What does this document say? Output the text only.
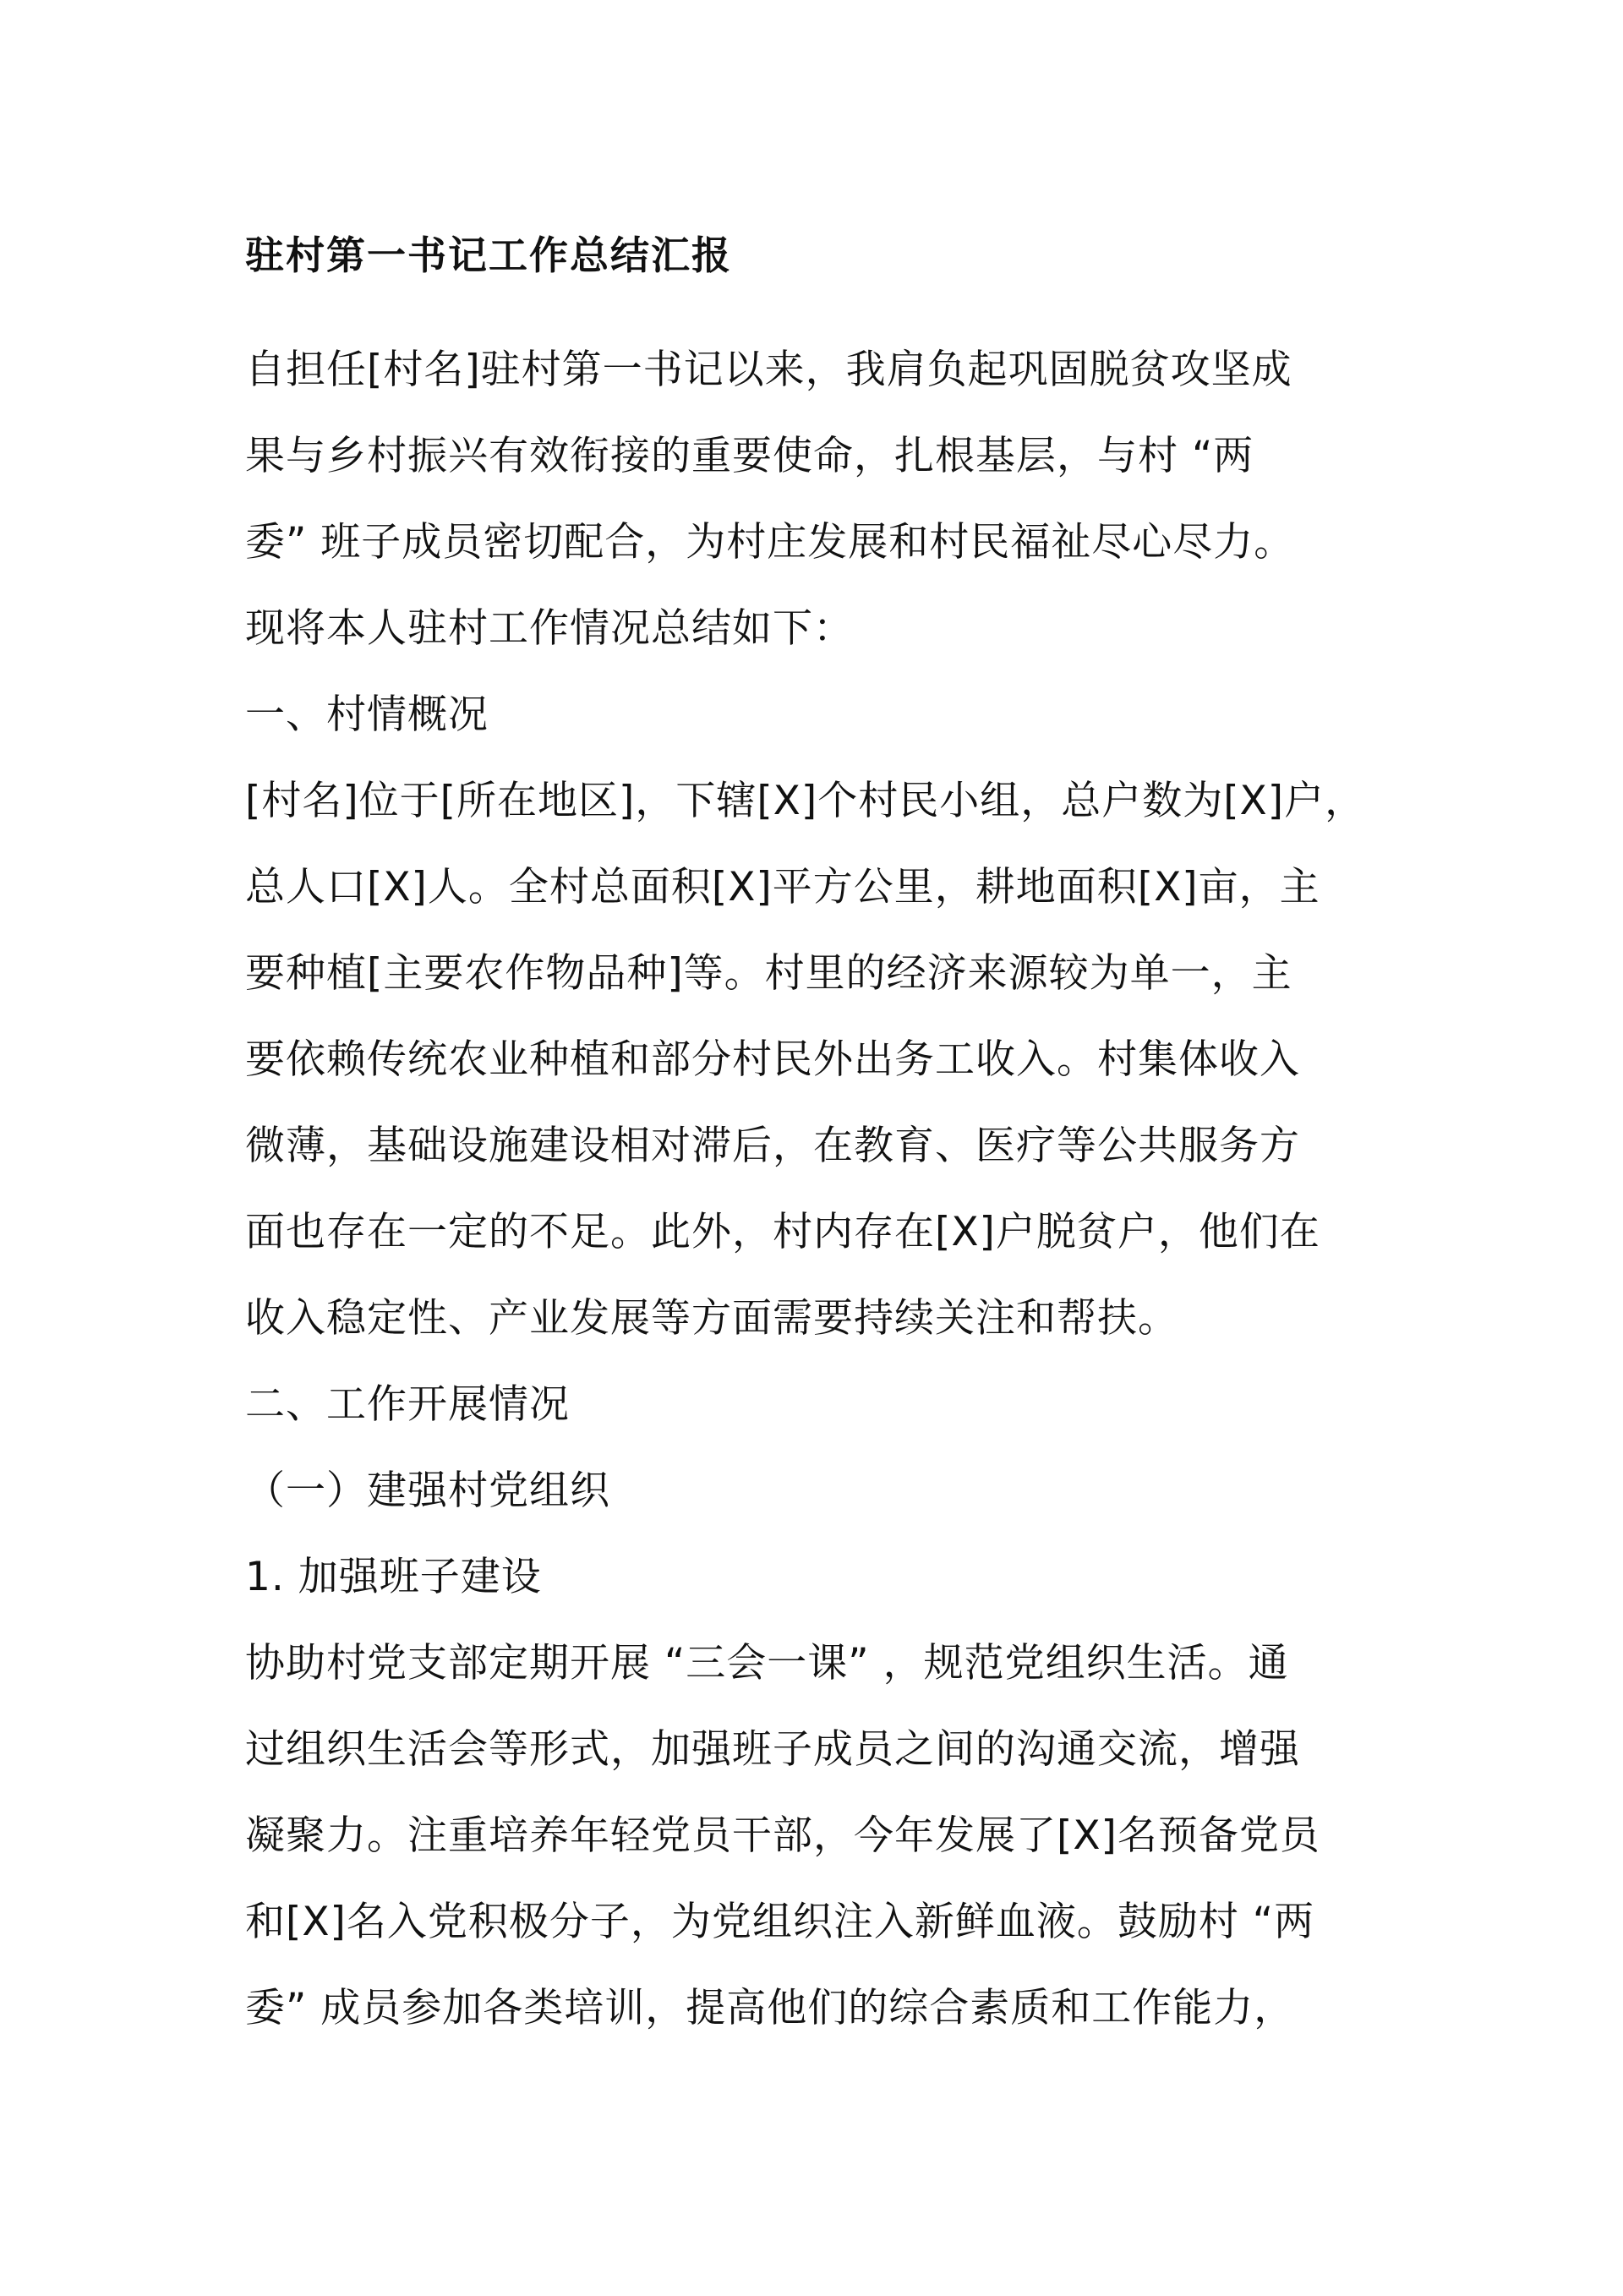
驻村第一书记工作总结汇报
自担任[村名]驻村第一书记以来，我肩负起巩固脱贫攻坚成
果与乡村振兴有效衔接的重要使命，扎根基层，与村 “两
委” 班子成员密切配合，为村庄发展和村民福祉尽心尽力。
现将本人驻村工作情况总结如下：
一、村情概况
[村名]位于[所在地区]，下辖[X]个村民小组，总户数为[X]户，
总人口[X]人。全村总面积[X]平方公里，耕地面积[X]亩，主
要种植[主要农作物品种]等。村里的经济来源较为单一，主
要依赖传统农业种植和部分村民外出务工收入。村集体收入
微薄，基础设施建设相对滞后，在教育、医疗等公共服务方
面也存在一定的不足。此外，村内存在[X]户脱贫户，他们在
收入稳定性、产业发展等方面需要持续关注和帮扶。
二、工作开展情况
（一）建强村党组织
1. 加强班子建设
协助村党支部定期开展 “三会一课” ，规范党组织生活。通
过组织生活会等形式，加强班子成员之间的沟通交流，增强
凝聚力。注重培养年轻党员干部，今年发展了[X]名预备党员
和[X]名入党积极分子，为党组织注入新鲜血液。鼓励村 “两
委” 成员参加各类培训，提高他们的综合素质和工作能力，
